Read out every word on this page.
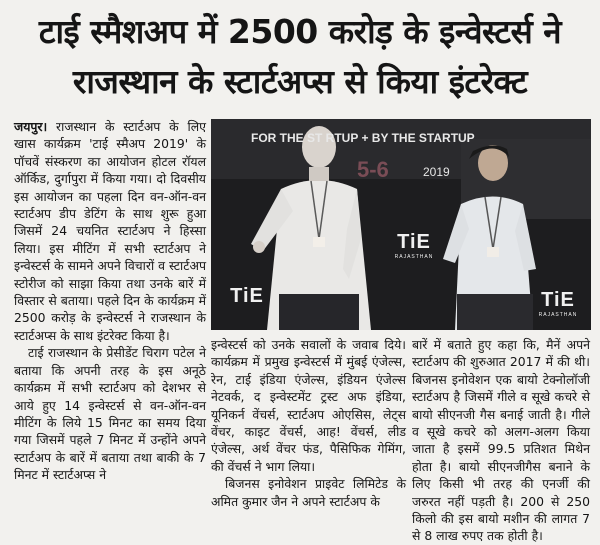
टाई स्मैशअप में 2500 करोड़ के इन्वेस्टर्स ने
राजस्थान के स्टार्टअप्स से किया इंटरेक्ट

जयपुर। राजस्थान के स्टार्टअप के लिए खास कार्यक्रम 'टाई स्मैअप 2019' के पॉचवें संस्करण का आयोजन होटल रॉयल ऑर्किड, दुर्गापुरा में किया गया। दो दिवसीय इस आयोजन का पहला दिन वन-ऑन-वन स्टार्टअप डीप डेटिंग के साथ शुरू हुआ जिसमें 24 चयनित स्टार्टअप ने हिस्सा लिया। इस मीटिंग में सभी स्टार्टअप ने इन्वेस्टर्स के सामने अपने विचारों व स्टार्टअप स्टोरीज को साझा किया तथा उनके बारें में विस्तार से बताया। पहले दिन के कार्यक्रम में 2500 करोड़ के इन्वेस्टर्स ने राजस्थान के स्टार्टअप्स के साथ इंटरेक्ट किया है।

टाई राजस्थान के प्रेसीडेंट चिराग पटेल ने बताया कि अपनी तरह के इस अनूठे कार्यक्रम में सभी स्टार्टअप को देशभर से आये हुए 14 इन्वेस्टर्स से वन-ऑन-वन मीटिंग के लिये 15 मिनट का समय दिया गया जिसमें पहले 7 मिनट में उन्होंने अपने स्टार्टअप के बारें में बताया तथा बाकी के 7 मिनट में स्टार्टअप्स ने

FOR THE ST RTUP + BY THE STARTUP
5-6	2019
TiE
RAJASTHAN
TiE
RAJASTHAN
TiE

इन्वेस्टर्स को उनके सवालों के जवाब दिये। कार्यक्रम में प्रमुख इन्वेस्टर्स में मुंबई एंजेल्स, रेन, टाई इंडिया एंजेल्स, इंडियन एंजेल्स नेटवर्क, द इन्वेस्टमेंट ट्रस्ट अफ इंडिया, यूनिकर्न वेंचर्स, स्टार्टअप ओएसिस, लेट्स वेंचर, काइट वेंचर्स, आह! वेंचर्स, लीड एंजेल्स, अर्थ वेंचर फंड, पैसिफिक गेमिंग, की वेंचर्स ने भाग लिया।

बिजनस इनोवेशन प्राइवेट लिमिटेड के अमित कुमार जैन ने अपने स्टार्टअप के

बारें में बताते हुए कहा कि, मैनें अपने स्टार्टअप की शुरुआत 2017 में की थी। बिजनस इनोवेशन एक बायो टेक्नोलॉजी स्टार्टअप है जिसमें गीले व सूखे कचरे से बायो सीएनजी गैस बनाई जाती है। गीले व सूखे कचरे को अलग-अलग किया जाता है इसमें 99.5 प्रतिशत मिथेन होता है। बायो सीएनजीगैस बनाने के लिए किसी भी तरह की एनर्जी की जरुरत नहीं पड़ती है। 200 से 250 किलो की इस बायो मशीन की लागत 7 से 8 लाख रुपए तक होती है।
